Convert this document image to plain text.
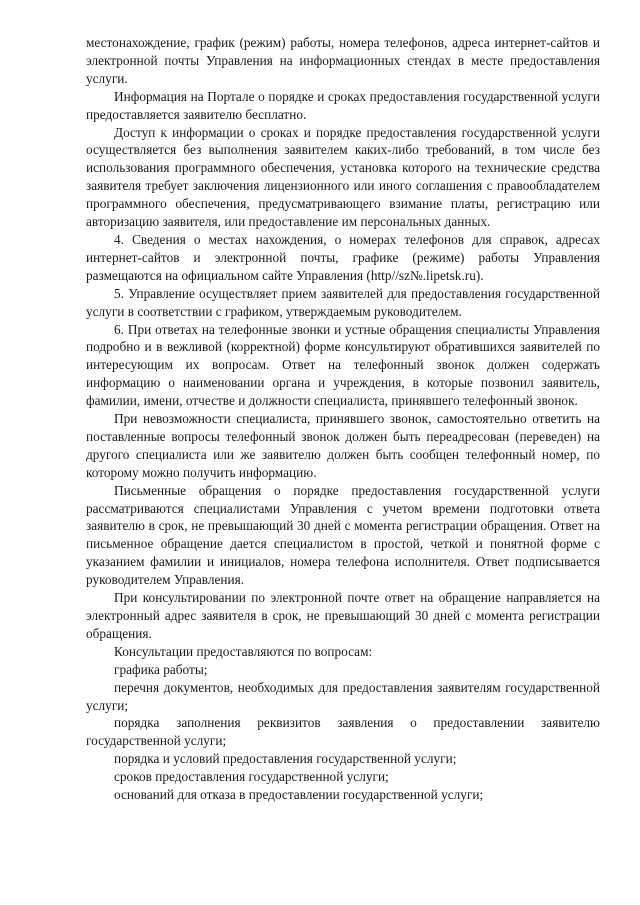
местонахождение, график (режим) работы, номера телефонов, адреса интернет-сайтов и электронной почты Управления на информационных стендах в месте предоставления услуги.

Информация на Портале о порядке и сроках предоставления государственной услуги предоставляется заявителю бесплатно.

Доступ к информации о сроках и порядке предоставления государственной услуги осуществляется без выполнения заявителем каких-либо требований, в том числе без использования программного обеспечения, установка которого на технические средства заявителя требует заключения лицензионного или иного соглашения с правообладателем программного обеспечения, предусматривающего взимание платы, регистрацию или авторизацию заявителя, или предоставление им персональных данных.

4. Сведения о местах нахождения, о номерах телефонов для справок, адресах интернет-сайтов и электронной почты, графике (режиме) работы Управления размещаются на официальном сайте Управления (http//sz№.lipetsk.ru).

5. Управление осуществляет прием заявителей для предоставления государственной услуги в соответствии с графиком, утверждаемым руководителем.

6. При ответах на телефонные звонки и устные обращения специалисты Управления подробно и в вежливой (корректной) форме консультируют обратившихся заявителей по интересующим их вопросам. Ответ на телефонный звонок должен содержать информацию о наименовании органа и учреждения, в которые позвонил заявитель, фамилии, имени, отчестве и должности специалиста, принявшего телефонный звонок.

При невозможности специалиста, принявшего звонок, самостоятельно ответить на поставленные вопросы телефонный звонок должен быть переадресован (переведен) на другого специалиста или же заявителю должен быть сообщен телефонный номер, по которому можно получить информацию.

Письменные обращения о порядке предоставления государственной услуги рассматриваются специалистами Управления с учетом времени подготовки ответа заявителю в срок, не превышающий 30 дней с момента регистрации обращения. Ответ на письменное обращение дается специалистом в простой, четкой и понятной форме с указанием фамилии и инициалов, номера телефона исполнителя. Ответ подписывается руководителем Управления.

При консультировании по электронной почте ответ на обращение направляется на электронный адрес заявителя в срок, не превышающий 30 дней с момента регистрации обращения.

Консультации предоставляются по вопросам:

графика работы;

перечня документов, необходимых для предоставления заявителям государственной услуги;

порядка заполнения реквизитов заявления о предоставлении заявителю государственной услуги;

порядка и условий предоставления государственной услуги;

сроков предоставления государственной услуги;

оснований для отказа в предоставлении государственной услуги;
